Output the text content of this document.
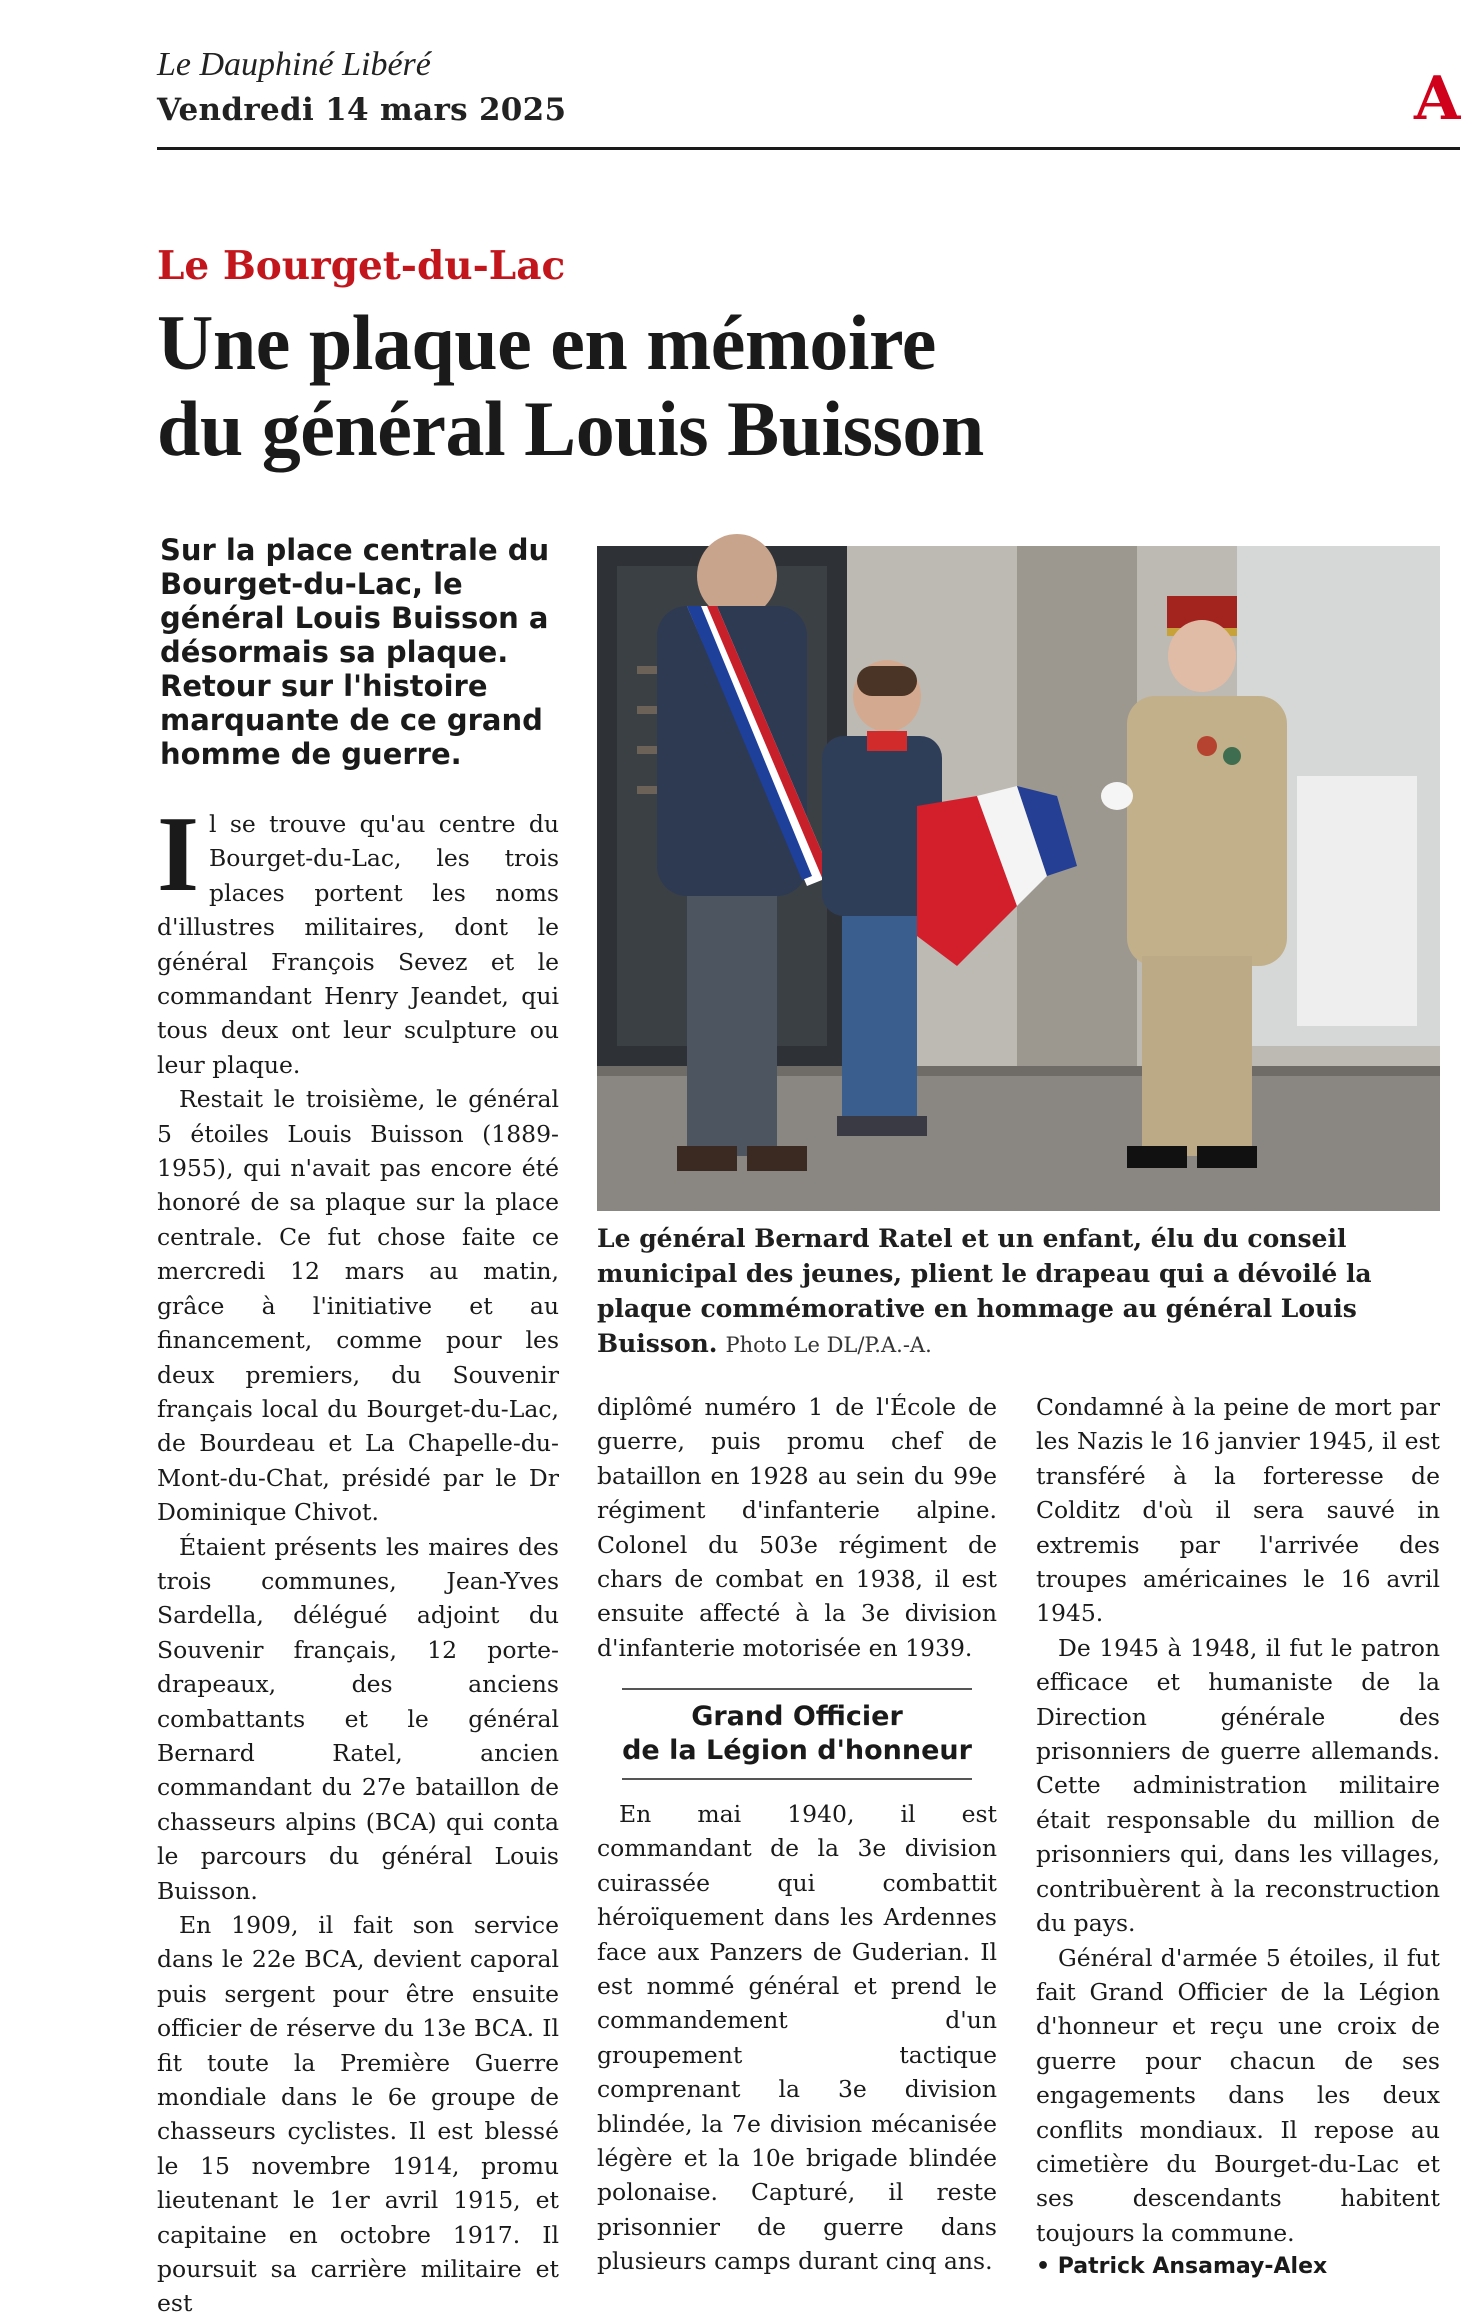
Le Dauphiné Libéré
Vendredi 14 mars 2025	A
Le Bourget-du-Lac
Une plaque en mémoire
du général Louis Buisson
Sur la place centrale du Bourget-du-Lac, le général Louis Buisson a désormais sa plaque. Retour sur l'histoire marquante de ce grand homme de guerre.
Le général Bernard Ratel et un enfant, élu du conseil municipal des jeunes, plient le drapeau qui a dévoilé la plaque commémorative en hommage au général Louis Buisson. Photo Le DL/P.A.-A.

Il se trouve qu'au centre du Bourget-du-Lac, les trois places portent les noms d'illustres militaires, dont le général François Sevez et le commandant Henry Jeandet, qui tous deux ont leur sculpture ou leur plaque.

Restait le troisième, le général 5 étoiles Louis Buisson (1889-1955), qui n'avait pas encore été honoré de sa plaque sur la place centrale. Ce fut chose faite ce mercredi 12 mars au matin, grâce à l'initiative et au financement, comme pour les deux premiers, du Souvenir français local du Bourget-du-Lac, de Bourdeau et La Chapelle-du-Mont-du-Chat, présidé par le Dr Dominique Chivot.

Étaient présents les maires des trois communes, Jean-Yves Sardella, délégué adjoint du Souvenir français, 12 porte-drapeaux, des anciens combattants et le général Bernard Ratel, ancien commandant du 27e bataillon de chasseurs alpins (BCA) qui conta le parcours du général Louis Buisson.

En 1909, il fait son service dans le 22e BCA, devient caporal puis sergent pour être ensuite officier de réserve du 13e BCA. Il fit toute la Première Guerre mondiale dans le 6e groupe de chasseurs cyclistes. Il est blessé le 15 novembre 1914, promu lieutenant le 1er avril 1915, et capitaine en octobre 1917. Il poursuit sa carrière militaire et est

diplômé numéro 1 de l'École de guerre, puis promu chef de bataillon en 1928 au sein du 99e régiment d'infanterie alpine. Colonel du 503e régiment de chars de combat en 1938, il est ensuite affecté à la 3e division d'infanterie motorisée en 1939.

Grand Officier
de la Légion d'honneur

En mai 1940, il est commandant de la 3e division cuirassée qui combattit héroïquement dans les Ardennes face aux Panzers de Guderian. Il est nommé général et prend le commandement d'un groupement tactique comprenant la 3e division blindée, la 7e division mécanisée légère et la 10e brigade blindée polonaise. Capturé, il reste prisonnier de guerre dans plusieurs camps durant cinq ans.

Condamné à la peine de mort par les Nazis le 16 janvier 1945, il est transféré à la forteresse de Colditz d'où il sera sauvé in extremis par l'arrivée des troupes américaines le 16 avril 1945.

De 1945 à 1948, il fut le patron efficace et humaniste de la Direction générale des prisonniers de guerre allemands. Cette administration militaire était responsable du million de prisonniers qui, dans les villages, contribuèrent à la reconstruction du pays.

Général d'armée 5 étoiles, il fut fait Grand Officier de la Légion d'honneur et reçu une croix de guerre pour chacun de ses engagements dans les deux conflits mondiaux. Il repose au cimetière du Bourget-du-Lac et ses descendants habitent toujours la commune.

• Patrick Ansamay-Alex
